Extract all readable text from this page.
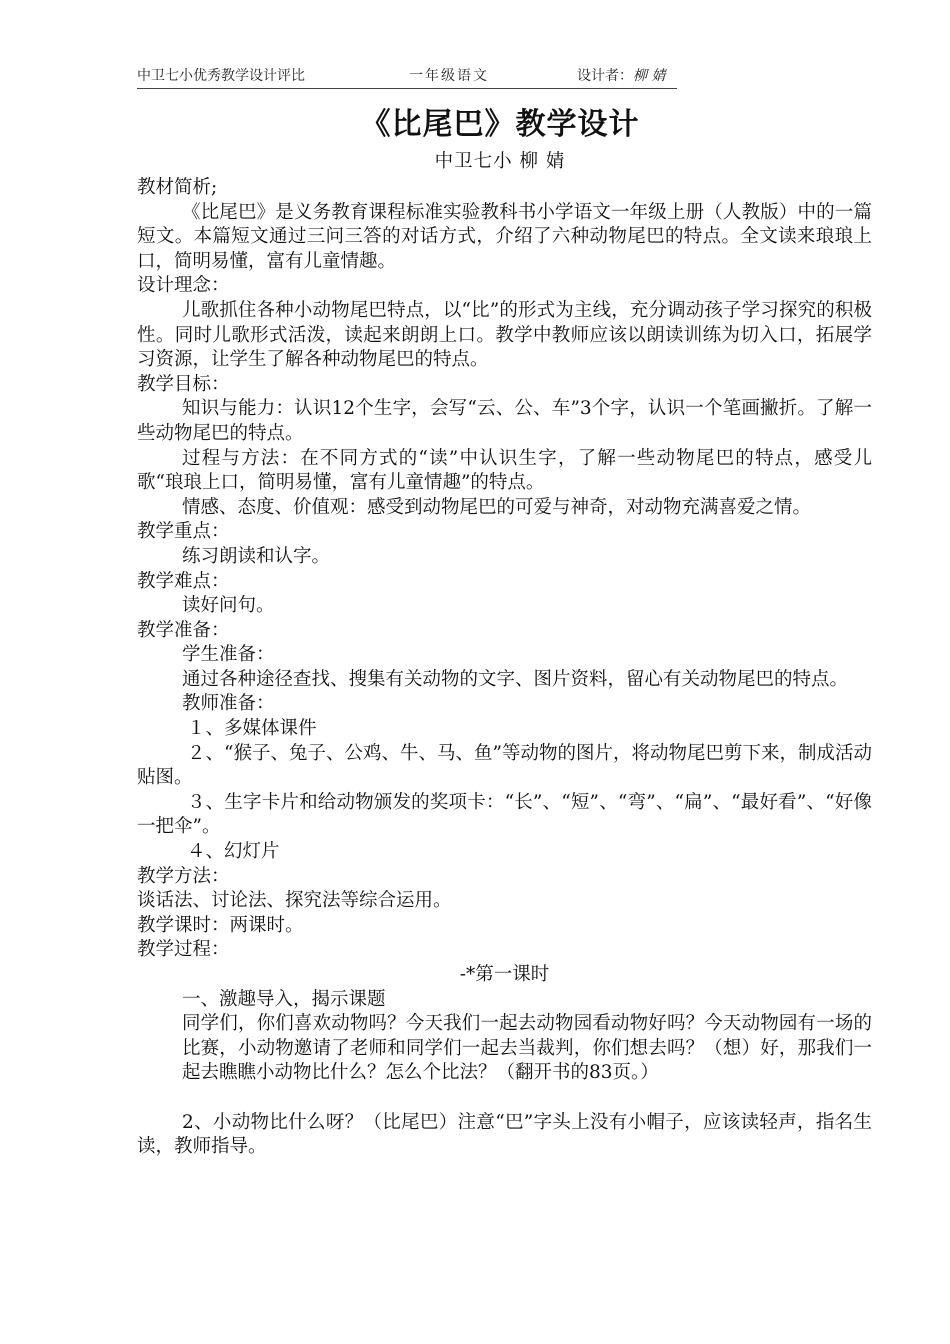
中卫七小优秀教学设计评比	一年级语文	设计者：柳 婧
《比尾巴》教学设计
中卫七小 柳 婧

教材简析;

《比尾巴》是义务教育课程标准实验教科书小学语文一年级上册（人教版）中的一篇短文。本篇短文通过三问三答的对话方式，介绍了六种动物尾巴的特点。全文读来琅琅上口，简明易懂，富有儿童情趣。

设计理念：

儿歌抓住各种小动物尾巴特点，以“比”的形式为主线，充分调动孩子学习探究的积极性。同时儿歌形式活泼，读起来朗朗上口。教学中教师应该以朗读训练为切入口，拓展学习资源，让学生了解各种动物尾巴的特点。

教学目标：

知识与能力：认识12个生字，会写“云、公、车”3个字，认识一个笔画撇折。了解一些动物尾巴的特点。

过程与方法：在不同方式的“读”中认识生字，了解一些动物尾巴的特点，感受儿歌“琅琅上口，简明易懂，富有儿童情趣”的特点。

情感、态度、价值观：感受到动物尾巴的可爱与神奇，对动物充满喜爱之情。

教学重点：

练习朗读和认字。

教学难点：

读好问句。

教学准备：

学生准备：

通过各种途径查找、搜集有关动物的文字、图片资料，留心有关动物尾巴的特点。

教师准备：

１、多媒体课件

２、“猴子、兔子、公鸡、牛、马、鱼”等动物的图片，将动物尾巴剪下来，制成活动贴图。

３、生字卡片和给动物颁发的奖项卡：“长”、“短”、“弯”、“扁”、“最好看”、“好像一把伞”。

４、幻灯片

教学方法：

谈话法、讨论法、探究法等综合运用。

教学课时：两课时。

教学过程：

-*第一课时

一、激趣导入，揭示课题

同学们，你们喜欢动物吗？今天我们一起去动物园看动物好吗？今天动物园有一场的比赛，小动物邀请了老师和同学们一起去当裁判，你们想去吗？（想）好，那我们一起去瞧瞧小动物比什么？怎么个比法？（翻开书的83页。）

2、小动物比什么呀？（比尾巴）注意“巴”字头上没有小帽子，应该读轻声，指名生读，教师指导。
